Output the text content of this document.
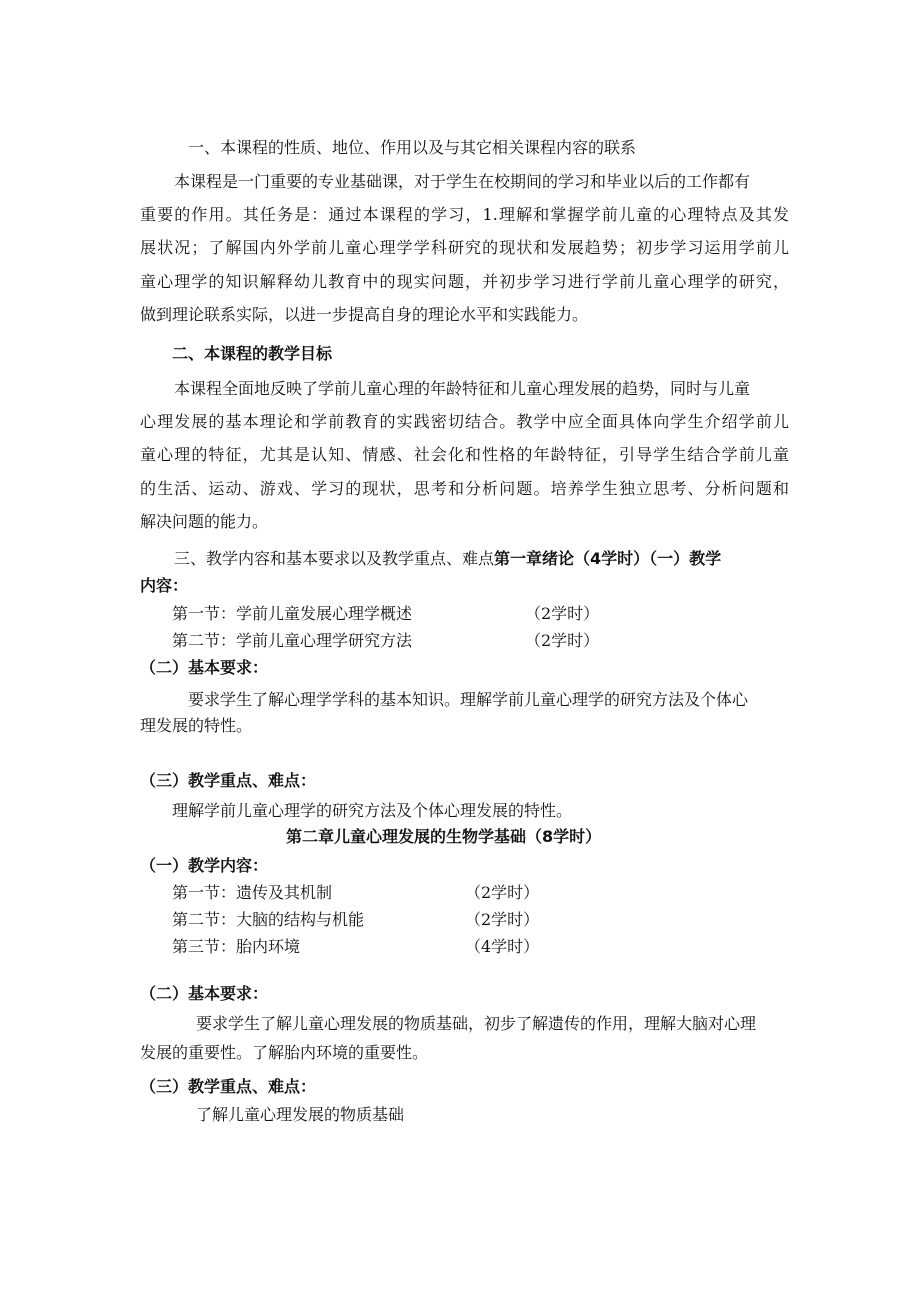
一、本课程的性质、地位、作用以及与其它相关课程内容的联系
本课程是一门重要的专业基础课，对于学生在校期间的学习和毕业以后的工作都有
重要的作用。其任务是：通过本课程的学习，1.理解和掌握学前儿童的心理特点及其发
展状况；了解国内外学前儿童心理学学科研究的现状和发展趋势；初步学习运用学前儿
童心理学的知识解释幼儿教育中的现实问题，并初步学习进行学前儿童心理学的研究，
做到理论联系实际，以进一步提高自身的理论水平和实践能力。
二、本课程的教学目标
本课程全面地反映了学前儿童心理的年龄特征和儿童心理发展的趋势，同时与儿童
心理发展的基本理论和学前教育的实践密切结合。教学中应全面具体向学生介绍学前儿
童心理的特征，尤其是认知、情感、社会化和性格的年龄特征，引导学生结合学前儿童
的生活、运动、游戏、学习的现状，思考和分析问题。培养学生独立思考、分析问题和
解决问题的能力。
三、教学内容和基本要求以及教学重点、难点第一章绪论（4学时）（一）教学
内容：
第一节：学前儿童发展心理学概述	（2学时）
第二节：学前儿童心理学研究方法	（2学时）
（二）基本要求：
要求学生了解心理学学科的基本知识。理解学前儿童心理学的研究方法及个体心
理发展的特性。
（三）教学重点、难点：
理解学前儿童心理学的研究方法及个体心理发展的特性。
第二章儿童心理发展的生物学基础（8学时）
（一）教学内容：
第一节：遗传及其机制	（2学时）
第二节：大脑的结构与机能	（2学时）
第三节：胎内环境	（4学时）
（二）基本要求：
要求学生了解儿童心理发展的物质基础，初步了解遗传的作用，理解大脑对心理
发展的重要性。了解胎内环境的重要性。
（三）教学重点、难点：
了解儿童心理发展的物质基础
